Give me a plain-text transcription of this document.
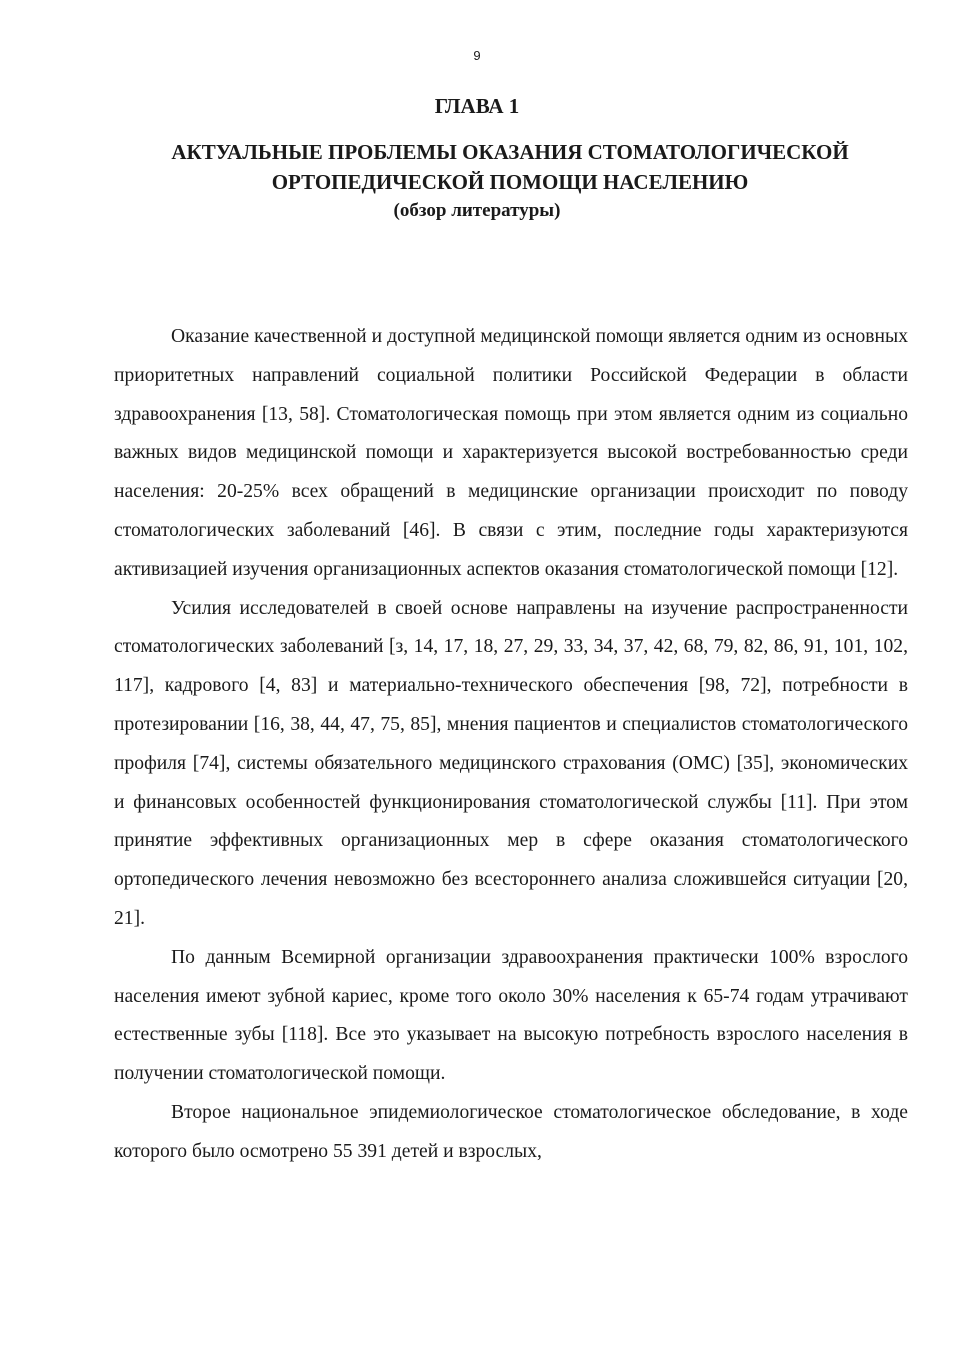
9
ГЛАВА 1
АКТУАЛЬНЫЕ ПРОБЛЕМЫ ОКАЗАНИЯ СТОМАТОЛОГИЧЕСКОЙ
ОРТОПЕДИЧЕСКОЙ ПОМОЩИ НАСЕЛЕНИЮ
(обзор литературы)

Оказание качественной и доступной медицинской помощи является одним из основных приоритетных направлений социальной политики Российской Федерации в области здравоохранения [13, 58]. Стоматологическая помощь при этом является одним из социально важных видов медицинской помощи и характеризуется высокой востребованностью среди населения: 20-25% всех обращений в медицинские организации происходит по поводу стоматологических заболеваний [46]. В связи с этим, последние годы характеризуются активизацией изучения организационных аспектов оказания стоматологической помощи [12].

Усилия исследователей в своей основе направлены на изучение распространенности стоматологических заболеваний [з, 14, 17, 18, 27, 29, 33, 34, 37, 42, 68, 79, 82, 86, 91, 101, 102, 117], кадрового [4, 83] и материально-технического обеспечения [98, 72], потребности в протезировании [16, 38, 44, 47, 75, 85], мнения пациентов и специалистов стоматологического профиля [74], системы обязательного медицинского страхования (ОМС) [35], экономических и финансовых особенностей функционирования стоматологической службы [11]. При этом принятие эффективных организационных мер в сфере оказания стоматологического ортопедического лечения невозможно без всестороннего анализа сложившейся ситуации [20, 21].

По данным Всемирной организации здравоохранения практически 100% взрослого населения имеют зубной кариес, кроме того около 30% населения к 65-74 годам утрачивают естественные зубы [118]. Все это указывает на высокую потребность взрослого населения в получении стоматологической помощи.

Второе национальное эпидемиологическое стоматологическое обследование, в ходе которого было осмотрено 55 391 детей и взрослых,
